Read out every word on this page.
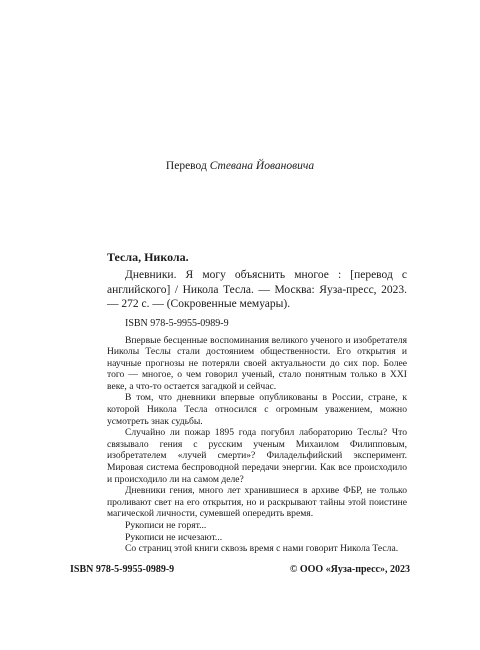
Перевод Стевана Йовановича

Тесла, Никола.

Дневники. Я могу объяснить многое : [перевод с английского] / Никола Тесла. — Москва: Яуза-пресс, 2023. — 272 с. — (Сокровенные мемуары).

ISBN 978-5-9955-0989-9

Впервые бесценные воспоминания великого ученого и изобретателя Николы Теслы стали достоянием общественности. Его открытия и научные прогнозы не потеряли своей актуальности до сих пор. Более того — многое, о чем говорил ученый, стало понятным только в XXI веке, а что-то остается загадкой и сейчас.

В том, что дневники впервые опубликованы в России, стране, к которой Никола Тесла относился с огромным уважением, можно усмотреть знак судьбы.

Случайно ли пожар 1895 года погубил лабораторию Теслы? Что связывало гения с русским ученым Михаилом Филипповым, изобретателем «лучей смерти»? Филадельфийский эксперимент. Мировая система беспроводной передачи энергии. Как все происходило и происходило ли на самом деле?

Дневники гения, много лет хранившиеся в архиве ФБР, не только проливают свет на его открытия, но и раскрывают тайны этой поистине магической личности, сумевшей опередить время.

Рукописи не горят...

Рукописи не исчезают...

Со страниц этой книги сквозь время с нами говорит Никола Тесла.

ISBN 978-5-9955-0989-9	© ООО «Яуза-пресс», 2023
